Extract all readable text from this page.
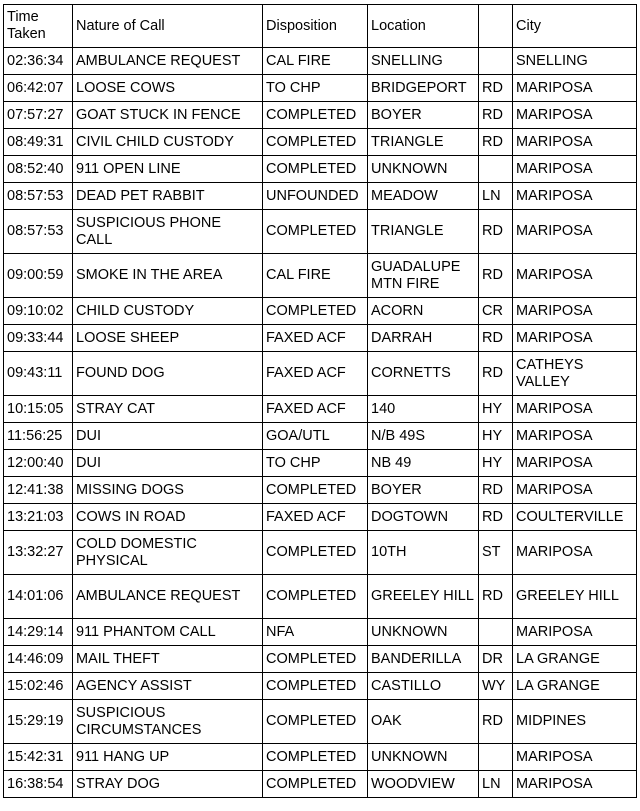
Time Taken	Nature of Call	Disposition	Location		City
02:36:34	AMBULANCE REQUEST	CAL FIRE	SNELLING		SNELLING
06:42:07	LOOSE COWS	TO CHP	BRIDGEPORT	RD	MARIPOSA
07:57:27	GOAT STUCK IN FENCE	COMPLETED	BOYER	RD	MARIPOSA
08:49:31	CIVIL CHILD CUSTODY	COMPLETED	TRIANGLE	RD	MARIPOSA
08:52:40	911 OPEN LINE	COMPLETED	UNKNOWN		MARIPOSA
08:57:53	DEAD PET RABBIT	UNFOUNDED	MEADOW	LN	MARIPOSA
08:57:53	SUSPICIOUS PHONE CALL	COMPLETED	TRIANGLE	RD	MARIPOSA
09:00:59	SMOKE IN THE AREA	CAL FIRE	GUADALUPE MTN FIRE	RD	MARIPOSA
09:10:02	CHILD CUSTODY	COMPLETED	ACORN	CR	MARIPOSA
09:33:44	LOOSE SHEEP	FAXED ACF	DARRAH	RD	MARIPOSA
09:43:11	FOUND DOG	FAXED ACF	CORNETTS	RD	CATHEYS VALLEY
10:15:05	STRAY CAT	FAXED ACF	140	HY	MARIPOSA
11:56:25	DUI	GOA/UTL	N/B 49S	HY	MARIPOSA
12:00:40	DUI	TO CHP	NB 49	HY	MARIPOSA
12:41:38	MISSING DOGS	COMPLETED	BOYER	RD	MARIPOSA
13:21:03	COWS IN ROAD	FAXED ACF	DOGTOWN	RD	COULTERVILLE
13:32:27	COLD DOMESTIC PHYSICAL	COMPLETED	10TH	ST	MARIPOSA
14:01:06	AMBULANCE REQUEST	COMPLETED	GREELEY HILL	RD	GREELEY HILL
14:29:14	911 PHANTOM CALL	NFA	UNKNOWN		MARIPOSA
14:46:09	MAIL THEFT	COMPLETED	BANDERILLA	DR	LA GRANGE
15:02:46	AGENCY ASSIST	COMPLETED	CASTILLO	WY	LA GRANGE
15:29:19	SUSPICIOUS CIRCUMSTANCES	COMPLETED	OAK	RD	MIDPINES
15:42:31	911 HANG UP	COMPLETED	UNKNOWN		MARIPOSA
16:38:54	STRAY DOG	COMPLETED	WOODVIEW	LN	MARIPOSA
